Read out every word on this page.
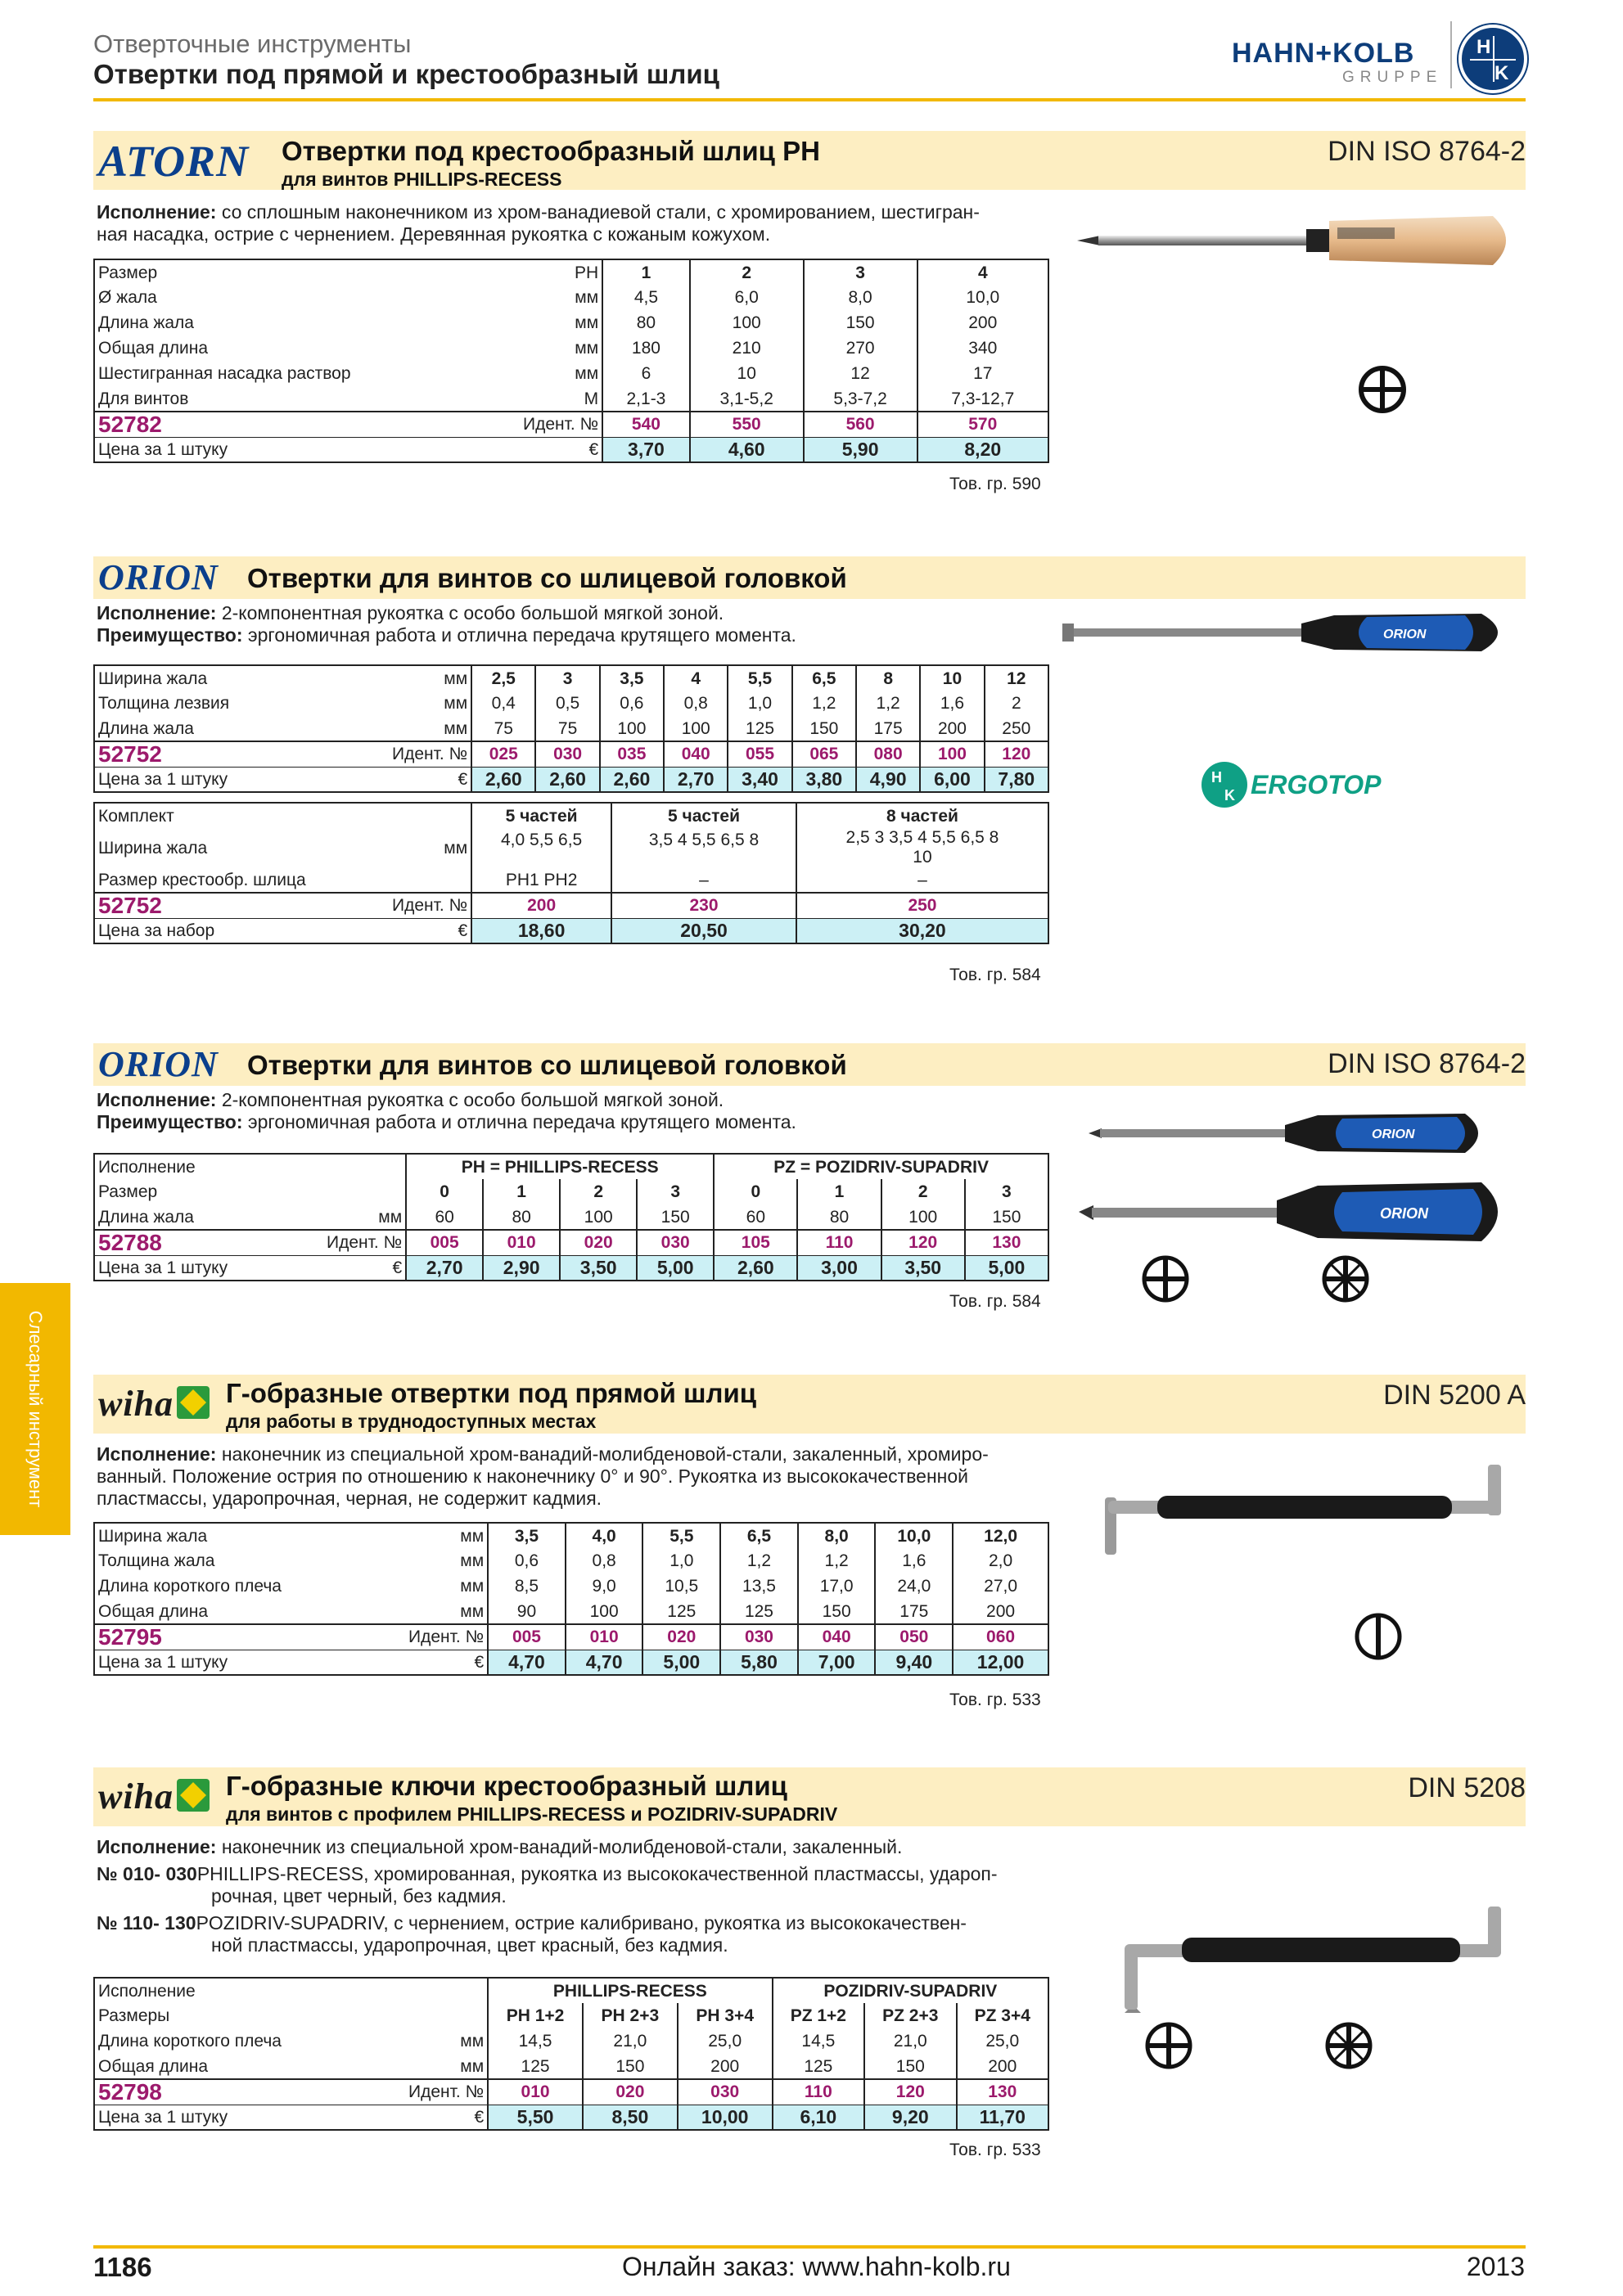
Отверточные инструменты
Отвертки под прямой и крестообразный шлиц
HAHN+KOLB
GRUPPE
H
K
Слесарный инструмент
ATORN Отвертки под крестообразный шлиц PH
для винтов PHILLIPS-RECESS
DIN ISO 8764-2
Исполнение: со сплошным наконечником из хром-ванадиевой стали, с хромированием, шестигран-
ная насадка, острие с чернением. Деревянная рукоятка с кожаным кожухом.
Размер	PH	1	2	3	4
Ø жала	мм	4,5	6,0	8,0	10,0
Длина жала	мм	80	100	150	200
Общая длина	мм	180	210	270	340
Шестигранная насадка раствор	мм	6	10	12	17
Для винтов	M	2,1-3	3,1-5,2	5,3-7,2	7,3-12,7
52782	Идент. №	540	550	560	570
Цена за 1 штуку	€	3,70	4,60	5,90	8,20
Тов. гр. 590
ORION Отвертки для винтов со шлицевой головкой
Исполнение: 2-компонентная рукоятка с особо большой мягкой зоной.
Преимущество: эргономичная работа и отлична передача крутящего момента.
Ширина жала	мм	2,5	3	3,5	4	5,5	6,5	8	10	12
Толщина лезвия	мм	0,4	0,5	0,6	0,8	1,0	1,2	1,2	1,6	2
Длина жала	мм	75	75	100	100	125	150	175	200	250
52752	Идент. №	025	030	035	040	055	065	080	100	120
Цена за 1 штуку	€	2,60	2,60	2,60	2,70	3,40	3,80	4,90	6,00	7,80
Комплект		5 частей	5 частей	8 частей
Ширина жала	мм	4,0 5,5 6,5	3,5 4 5,5 6,5 8	2,5 3 3,5 4 5,5 6,5 8
10

Размер крестообр. шлица		PH1 PH2	–	–
52752	Идент. №	200	230	250
Цена за набор	€	18,60	20,50	30,20
Тов. гр. 584
ORION
H
K ERGOTOP
ORION Отвертки для винтов со шлицевой головкой	DIN ISO 8764-2
Исполнение: 2-компонентная рукоятка с особо большой мягкой зоной.
Преимущество: эргономичная работа и отлична передача крутящего момента.
Исполнение		PH = PHILLIPS-RECESS				PZ = POZIDRIV-SUPADRIV			
Размер		0	1	2	3	0	1	2	3
Длина жала	мм	60	80	100	150	60	80	100	150
52788	Идент. №	005	010	020	030	105	110	120	130
Цена за 1 штуку	€	2,70	2,90	3,50	5,00	2,60	3,00	3,50	5,00
Тов. гр. 584
ORION
ORION
wiha Г-образные отвертки под прямой шлиц
для работы в труднодоступных местах
DIN 5200 A
Исполнение: наконечник из специальной хром-ванадий-молибденовой-стали, закаленный, хромиро-
ванный. Положение острия по отношению к наконечнику 0° и 90°. Рукоятка из высококачественной
пластмассы, ударопрочная, черная, не содержит кадмия.
Ширина жала	мм	3,5	4,0	5,5	6,5	8,0	10,0	12,0
Толщина жала	мм	0,6	0,8	1,0	1,2	1,2	1,6	2,0
Длина короткого плеча	мм	8,5	9,0	10,5	13,5	17,0	24,0	27,0
Общая длина	мм	90	100	125	125	150	175	200
52795	Идент. №	005	010	020	030	040	050	060
Цена за 1 штуку	€	4,70	4,70	5,00	5,80	7,00	9,40	12,00
Тов. гр. 533
wiha Г-образные ключи крестообразный шлиц
для винтов с профилем PHILLIPS-RECESS и POZIDRIV-SUPADRIV
DIN 5208
Исполнение: наконечник из специальной хром-ванадий-молибденовой-стали, закаленный.
№ 010- 030PHILLIPS-RECESS, хромированная, рукоятка из высококачественной пластмассы, удароп-
рочная, цвет черный, без кадмия.
№ 110- 130POZIDRIV-SUPADRIV, с чернением, острие калибривано, рукоятка из высококачествен-
ной пластмассы, ударопрочная, цвет красный, без кадмия.
Исполнение		PHILLIPS-RECESS			POZIDRIV-SUPADRIV		
Размеры		PH 1+2	PH 2+3	PH 3+4	PZ 1+2	PZ 2+3	PZ 3+4
Длина короткого плеча	мм	14,5	21,0	25,0	14,5	21,0	25,0
Общая длина	мм	125	150	200	125	150	200
52798	Идент. №	010	020	030	110	120	130
Цена за 1 штуку	€	5,50	8,50	10,00	6,10	9,20	11,70
Тов. гр. 533
1186	Онлайн заказ: www.hahn-kolb.ru	2013
